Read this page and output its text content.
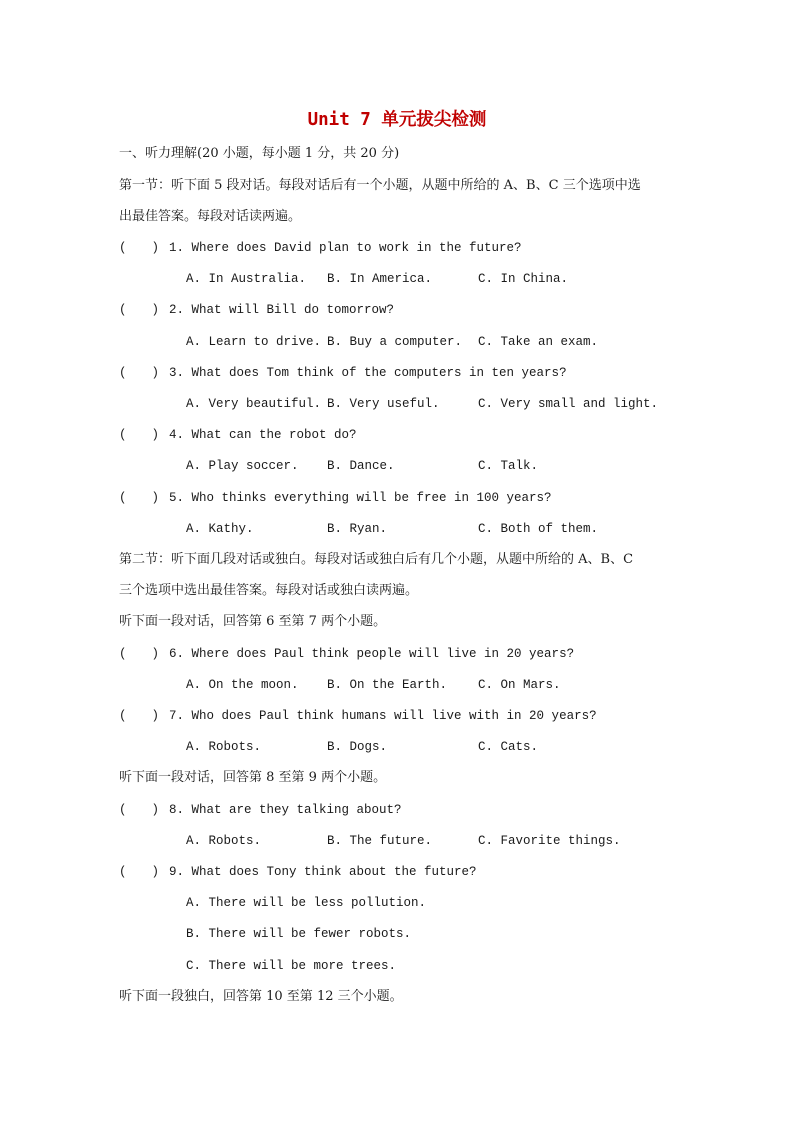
Unit 7 单元拔尖检测
一、听力理解(20 小题，每小题 1 分，共 20 分)
第一节：听下面 5 段对话。每段对话后有一个小题，从题中所给的 A、B、C 三个选项中选
出最佳答案。每段对话读两遍。
(　　) 1. Where does David plan to work in the future?
A. In Australia. B. In America.	C. In China.
(　　) 2. What will Bill do tomorrow?
A. Learn to drive. B. Buy a computer. C. Take an exam.
(　　) 3. What does Tom think of the computers in ten years?
A. Very beautiful. B. Very useful.	C. Very small and light.
(　　) 4. What can the robot do?
A. Play soccer. B. Dance.	C. Talk.
(　　) 5. Who thinks everything will be free in 100 years?
A. Kathy.	B. Ryan.	C. Both of them.
第二节：听下面几段对话或独白。每段对话或独白后有几个小题，从题中所给的 A、B、C
三个选项中选出最佳答案。每段对话或独白读两遍。
听下面一段对话，回答第 6 至第 7 两个小题。
(　　) 6. Where does Paul think people will live in 20 years?
A. On the moon. B. On the Earth. C. On Mars.
(　　) 7. Who does Paul think humans will live with in 20 years?
A. Robots.	B. Dogs.	C. Cats.
听下面一段对话，回答第 8 至第 9 两个小题。
(　　) 8. What are they talking about?
A. Robots.	B. The future.	C. Favorite things.
(　　) 9. What does Tony think about the future?
A. There will be less pollution.
B. There will be fewer robots.
C. There will be more trees.
听下面一段独白，回答第 10 至第 12 三个小题。
